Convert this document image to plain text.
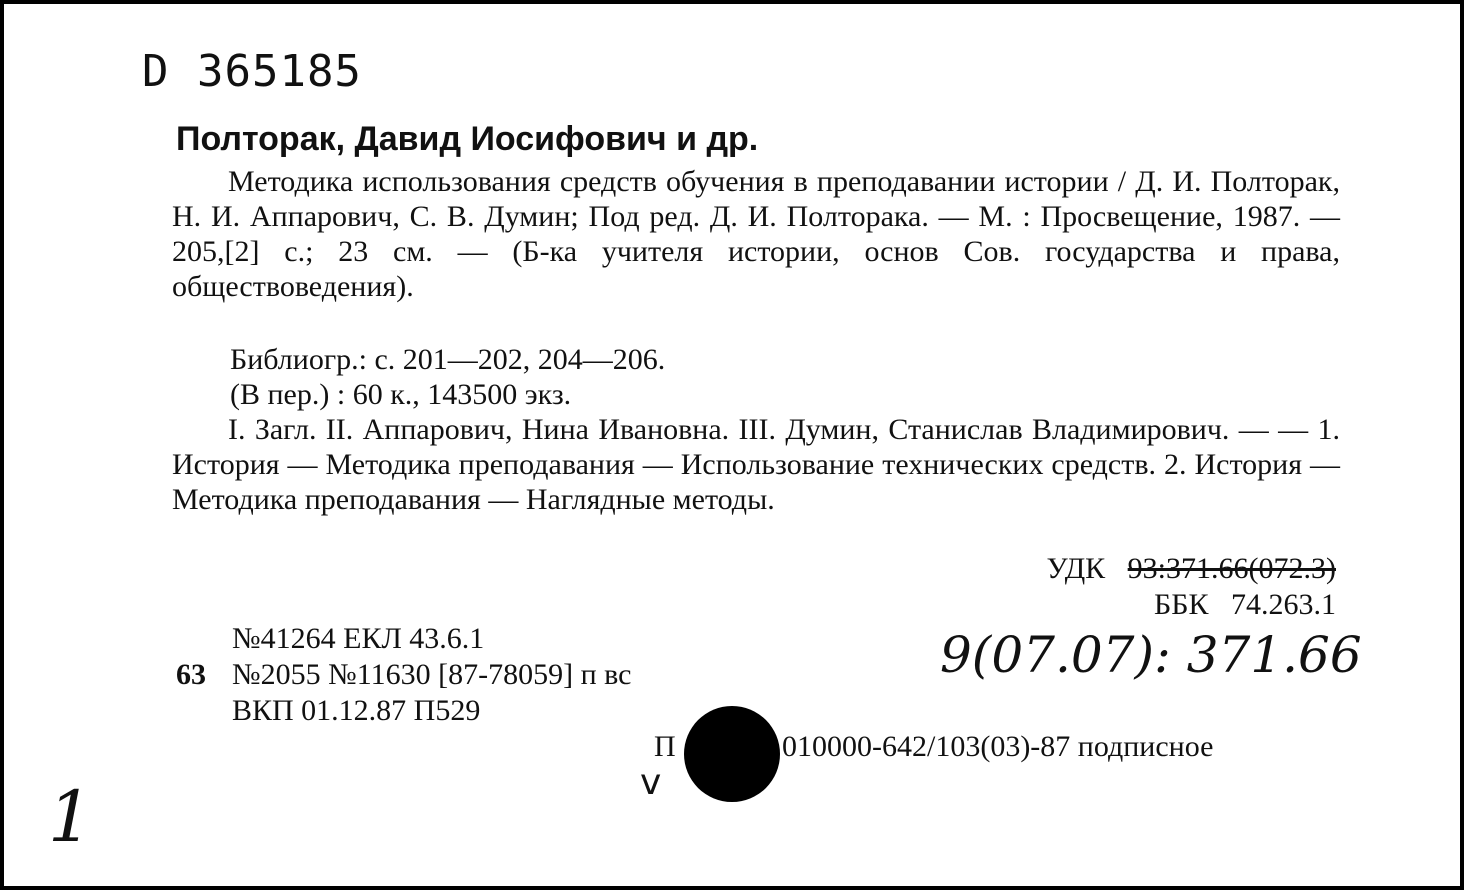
D 365185
Полторак, Давид Иосифович и др.
Методика использования средств обучения в преподавании истории / Д. И. Полторак, Н. И. Аппарович, С. В. Думин; Под ред. Д. И. Полторака. — М. : Просвещение, 1987. — 205,[2] с.; 23 см. — (Б-ка учителя истории, основ Сов. государства и права, обществоведения).
Библиогр.: с. 201—202, 204—206.
(В пер.) : 60 к., 143500 экз.
I. Загл. II. Аппарович, Нина Ивановна. III. Думин, Станислав Владимирович. — — 1. История — Методика преподавания — Использование технических средств. 2. История — Методика преподавания — Наглядные методы.
УДК 93:371.66(072.3)
ББК 74.263.1
№41264 ЕКЛ 43.6.1
63 №2055 №11630 [87-78059] п вс
ВКП 01.12.87 П529
9(07.07): 371.66
П	010000-642/103(03)-87 подписное
v
1
